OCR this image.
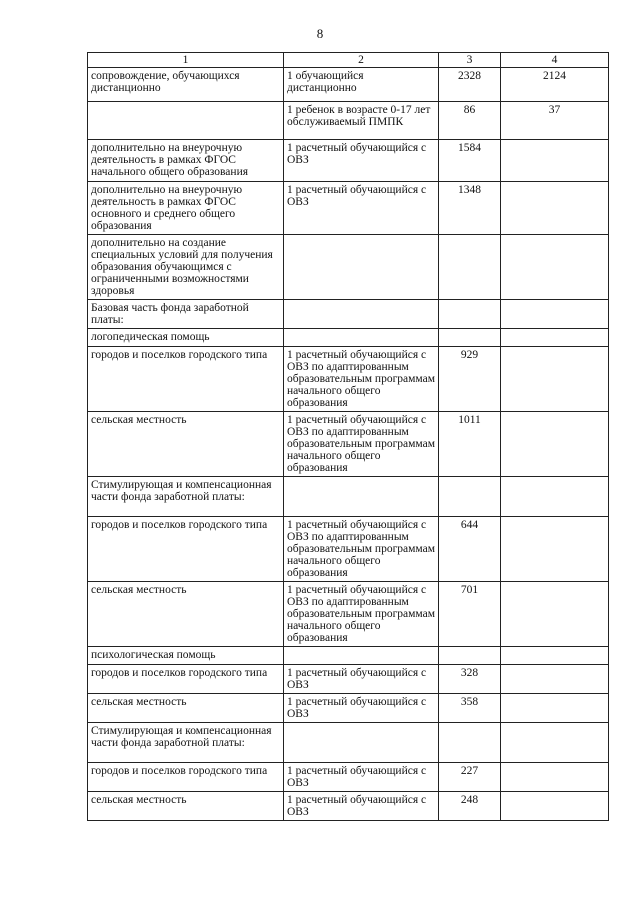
8
1	2	3	4
сопровождение, обучающихся дистанционно	1 обучающийся дистанционно	2328	2124
	1 ребенок в возрасте 0-17 лет обслуживаемый ПМПК	86	37
дополнительно на внеурочную деятельность в рамках ФГОС начального общего образования	1 расчетный обучающийся с ОВЗ	1584	
дополнительно на внеурочную деятельность в рамках ФГОС основного и среднего общего образования	1 расчетный обучающийся с ОВЗ	1348	
дополнительно на создание специальных условий для получения образования обучающимся с ограниченными возможностями здоровья			
Базовая часть фонда заработной платы:			
логопедическая помощь			
городов и поселков городского типа	1 расчетный обучающийся с ОВЗ по адаптированным образовательным программам начального общего образования	929	
сельская местность	1 расчетный обучающийся с ОВЗ по адаптированным образовательным программам начального общего образования	1011	
Стимулирующая и компенсационная части фонда заработной платы:			
городов и поселков городского типа	1 расчетный обучающийся с ОВЗ по адаптированным образовательным программам начального общего образования	644	
сельская местность	1 расчетный обучающийся с ОВЗ по адаптированным образовательным программам начального общего образования	701	
психологическая помощь			
городов и поселков городского типа	1 расчетный обучающийся с ОВЗ	328	
сельская местность	1 расчетный обучающийся с ОВЗ	358	
Стимулирующая и компенсационная части фонда заработной платы:			
городов и поселков городского типа	1 расчетный обучающийся с ОВЗ	227	
сельская местность	1 расчетный обучающийся с ОВЗ	248	
